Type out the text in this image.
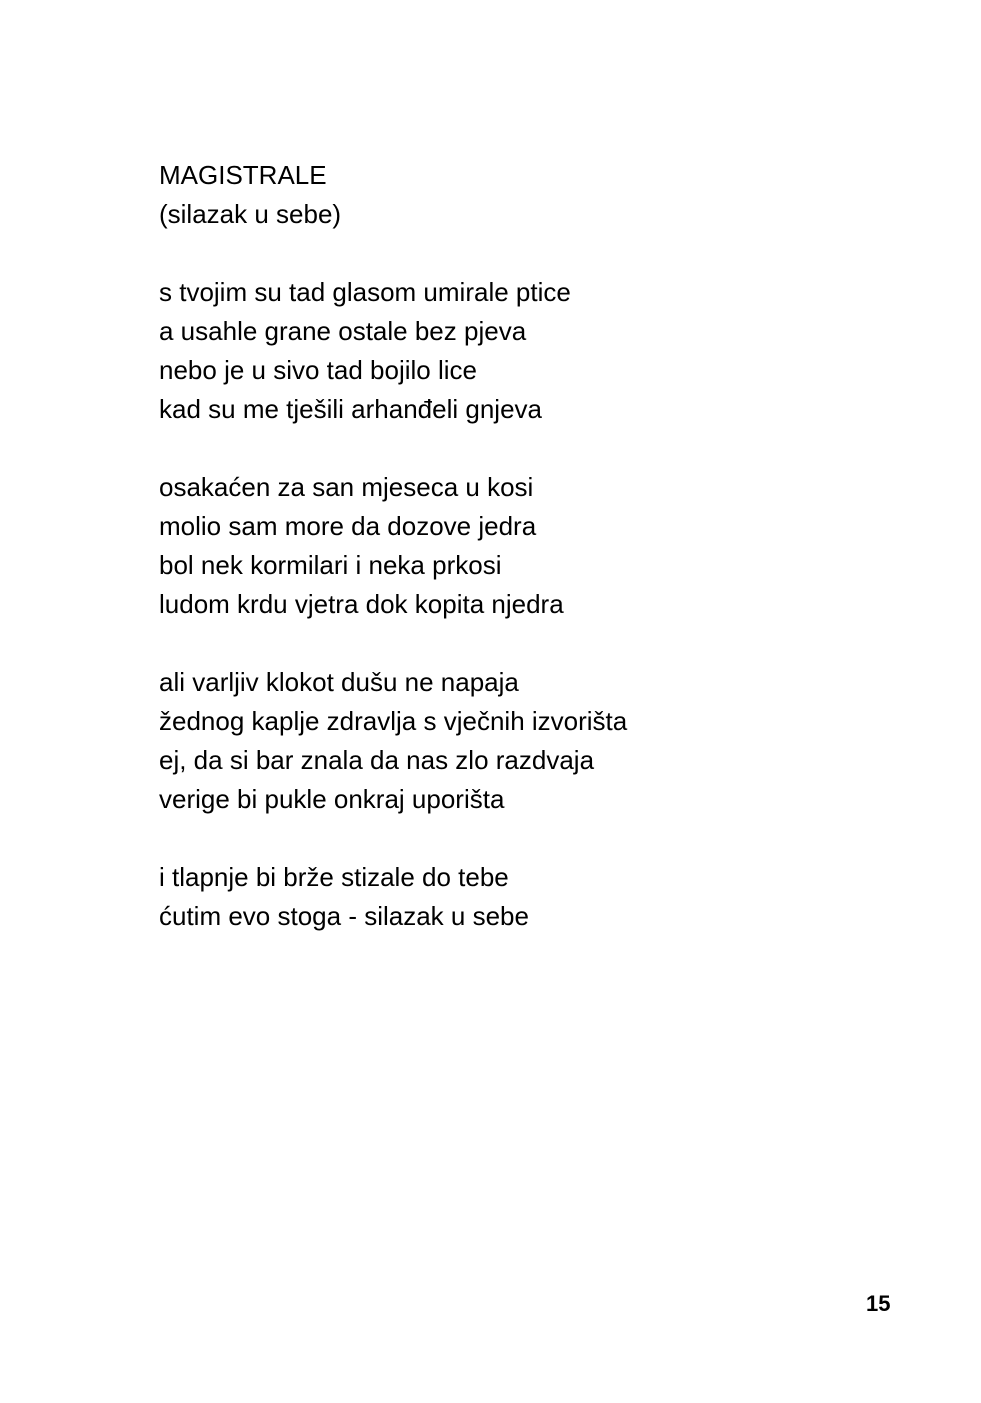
MAGISTRALE
(silazak u sebe)
s tvojim su tad glasom umirale ptice
a usahle grane ostale bez pjeva
nebo je u sivo tad bojilo lice
kad su me tješili arhanđeli gnjeva
osakaćen za san mjeseca u kosi
molio sam more da dozove jedra
bol nek kormilari i neka prkosi
ludom krdu vjetra dok kopita njedra
ali varljiv klokot dušu ne napaja
žednog kaplje zdravlja s vječnih izvorišta
ej, da si bar znala da nas zlo razdvaja
verige bi pukle onkraj uporišta
i tlapnje bi brže stizale do tebe
ćutim evo stoga - silazak u sebe
15
